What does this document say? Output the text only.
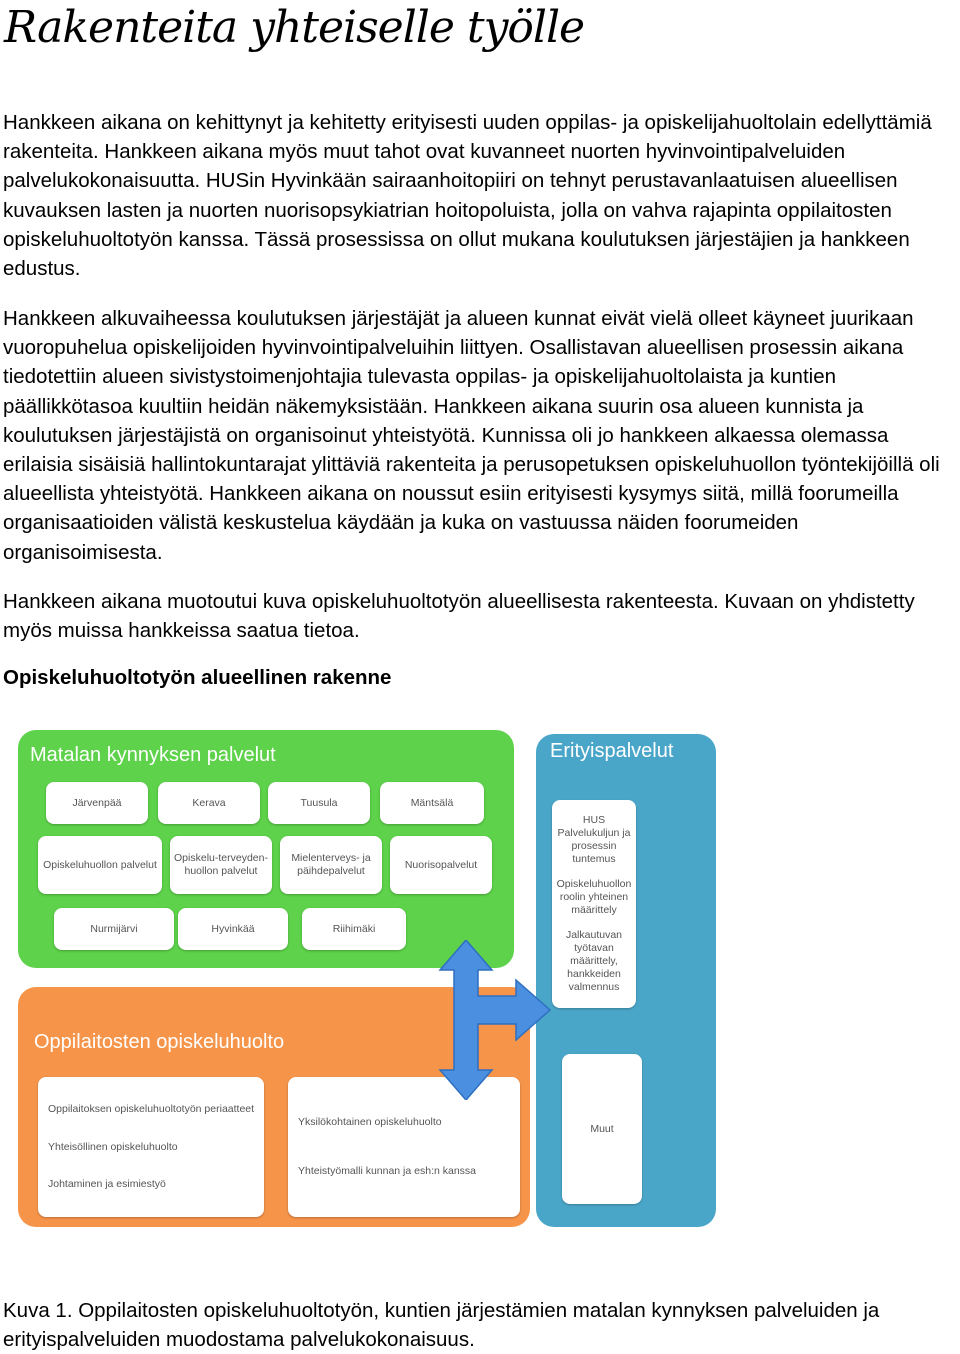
Rakenteita yhteiselle työlle

Hankkeen aikana on kehittynyt ja kehitetty erityisesti uuden oppilas- ja opiskelijahuoltolain edellyttämiä rakenteita. Hankkeen aikana myös muut tahot ovat kuvanneet nuorten hyvinvointipalveluiden palvelukokonaisuutta. HUSin Hyvinkään sairaanhoitopiiri on tehnyt perustavanlaatuisen alueellisen kuvauksen lasten ja nuorten nuorisopsykiatrian hoitopoluista, jolla on vahva rajapinta oppilaitosten opiskeluhuoltotyön kanssa. Tässä prosessissa on ollut mukana koulutuksen järjestäjien ja hankkeen edustus.

Hankkeen alkuvaiheessa koulutuksen järjestäjät ja alueen kunnat eivät vielä olleet käyneet juurikaan vuoropuhelua opiskelijoiden hyvinvointipalveluihin liittyen. Osallistavan alueellisen prosessin aikana tiedotettiin alueen sivistystoimenjohtajia tulevasta oppilas- ja opiskelijahuoltolaista ja kuntien päällikkötasoa kuultiin heidän näkemyksistään. Hankkeen aikana suurin osa alueen kunnista ja koulutuksen järjestäjistä on organisoinut yhteistyötä. Kunnissa oli jo hankkeen alkaessa olemassa erilaisia sisäisiä hallintokuntarajat ylittäviä rakenteita ja perusopetuksen opiskeluhuollon työntekijöillä oli alueellista yhteistyötä. Hankkeen aikana on noussut esiin erityisesti kysymys siitä, millä foorumeilla organisaatioiden välistä keskustelua käydään ja kuka on vastuussa näiden foorumeiden organisoimisesta.

Hankkeen aikana muotoutui kuva opiskeluhuoltotyön alueellisesta rakenteesta. Kuvaan on yhdistetty myös muissa hankkeissa saatua tietoa.

Opiskeluhuoltotyön alueellinen rakenne

Matalan kynnyksen palvelut
Järvenpää	Kerava	Tuusula	Mäntsälä
Opiskeluhuollon palvelut
Opiskelu-terveyden-huollon palvelut
Mielenterveys- ja päihdepalvelut
Nuorisopalvelut
Nurmijärvi	Hyvinkää	Riihimäki
Oppilaitosten opiskeluhuolto
Oppilaitoksen opiskeluhuoltotyön periaatteet
Yhteisöllinen opiskeluhuolto
Johtaminen ja esimiestyö
Yksilökohtainen opiskeluhuolto
Yhteistyömalli kunnan ja esh:n kanssa
Erityispalvelut
HUS Palvelukuljun ja prosessin tuntemus
Opiskeluhuollon roolin yhteinen määrittely
Jalkautuvan työtavan määrittely, hankkeiden valmennus
Muut

Kuva 1. Oppilaitosten opiskeluhuoltotyön, kuntien järjestämien matalan kynnyksen palveluiden ja erityispalveluiden muodostama palvelukokonaisuus.
